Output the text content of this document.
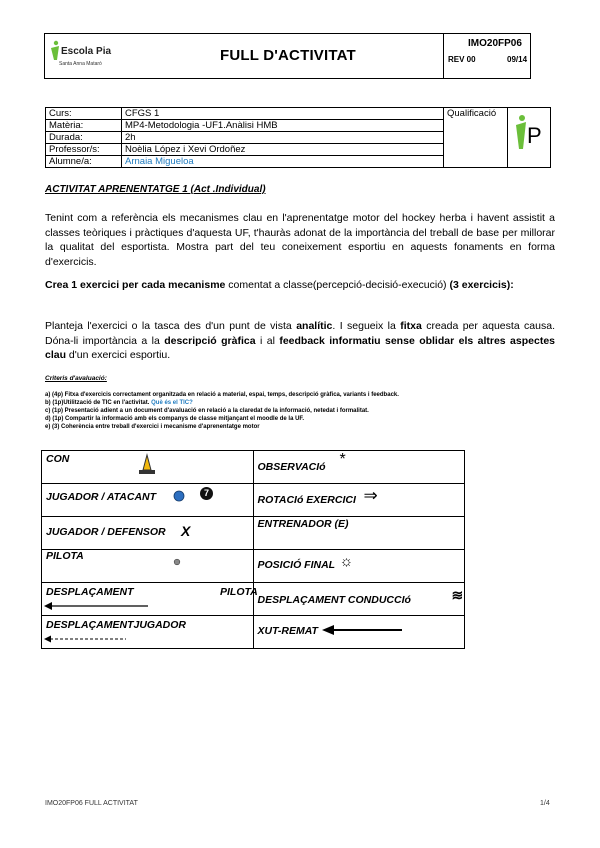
Escola Pia
Santa Anna Mataró	FULL D'ACTIVITAT
IMO20FP06
REV 00	09/14
Curs:	CFGS 1	Qualificació	P

Matèria:	MP4-Metodologia -UF1.Anàlisi HMB		
Durada:	2h		
Professor/s:	Noèlia López i Xevi Ordoñez		
Alumne/a:	Arnaia Migueloa		
ACTIVITAT APRENENTATGE 1 (Act .Individual)
Tenint com a referència els mecanismes clau en l'aprenentatge motor del hockey herba i havent assistit a classes teòriques i pràctiques d'aquesta UF, t'hauràs adonat de la importància del treball de base per millorar la qualitat del esportista. Mostra part del teu coneixement esportiu en aquests fonaments en forma d'exercicis.
Crea 1 exercici per cada mecanisme comentat a classe(percepció-decisió-execució) (3 exercicis):
Planteja l'exercici o la tasca des d'un punt de vista analític. I segueix la fitxa creada per aquesta causa. Dóna-li importància a la descripció gràfica i al feedback informatiu sense oblidar els altres aspectes clau d'un exercici esportiu.
Criteris d'avaluació:
a) (4p) Fitxa d'exercicis correctament organitzada en relació a material, espai, temps, descripció gràfica, variants i feedback.
b) (1p)Utilització de TIC en l'activitat. Què és el TIC?
c) (1p) Presentació adient a un document d'avaluació en relació a la claredat de la informació, netedat i formalitat.
d) (1p) Compartir la informació amb els companys de classe mitjançant el moodle de la UF.
e) (3) Coherència entre treball d'exercici i mecanisme d'aprenentatge motor
CON	OBSERVACIó *

JUGADOR / ATACANT 7	ROTACIó EXERCICI ⇒

JUGADOR / DEFENSOR X	ENTRENADOR (E)

PILOTA	POSICIÓ FINAL ☼

DESPLAÇAMENT PILOTA	DESPLAÇAMENT CONDUCCIó ≋

DESPLAÇAMENTJUGADOR	XUT-REMAT
IMO20FP06 FULL ACTIVITAT	1/4
